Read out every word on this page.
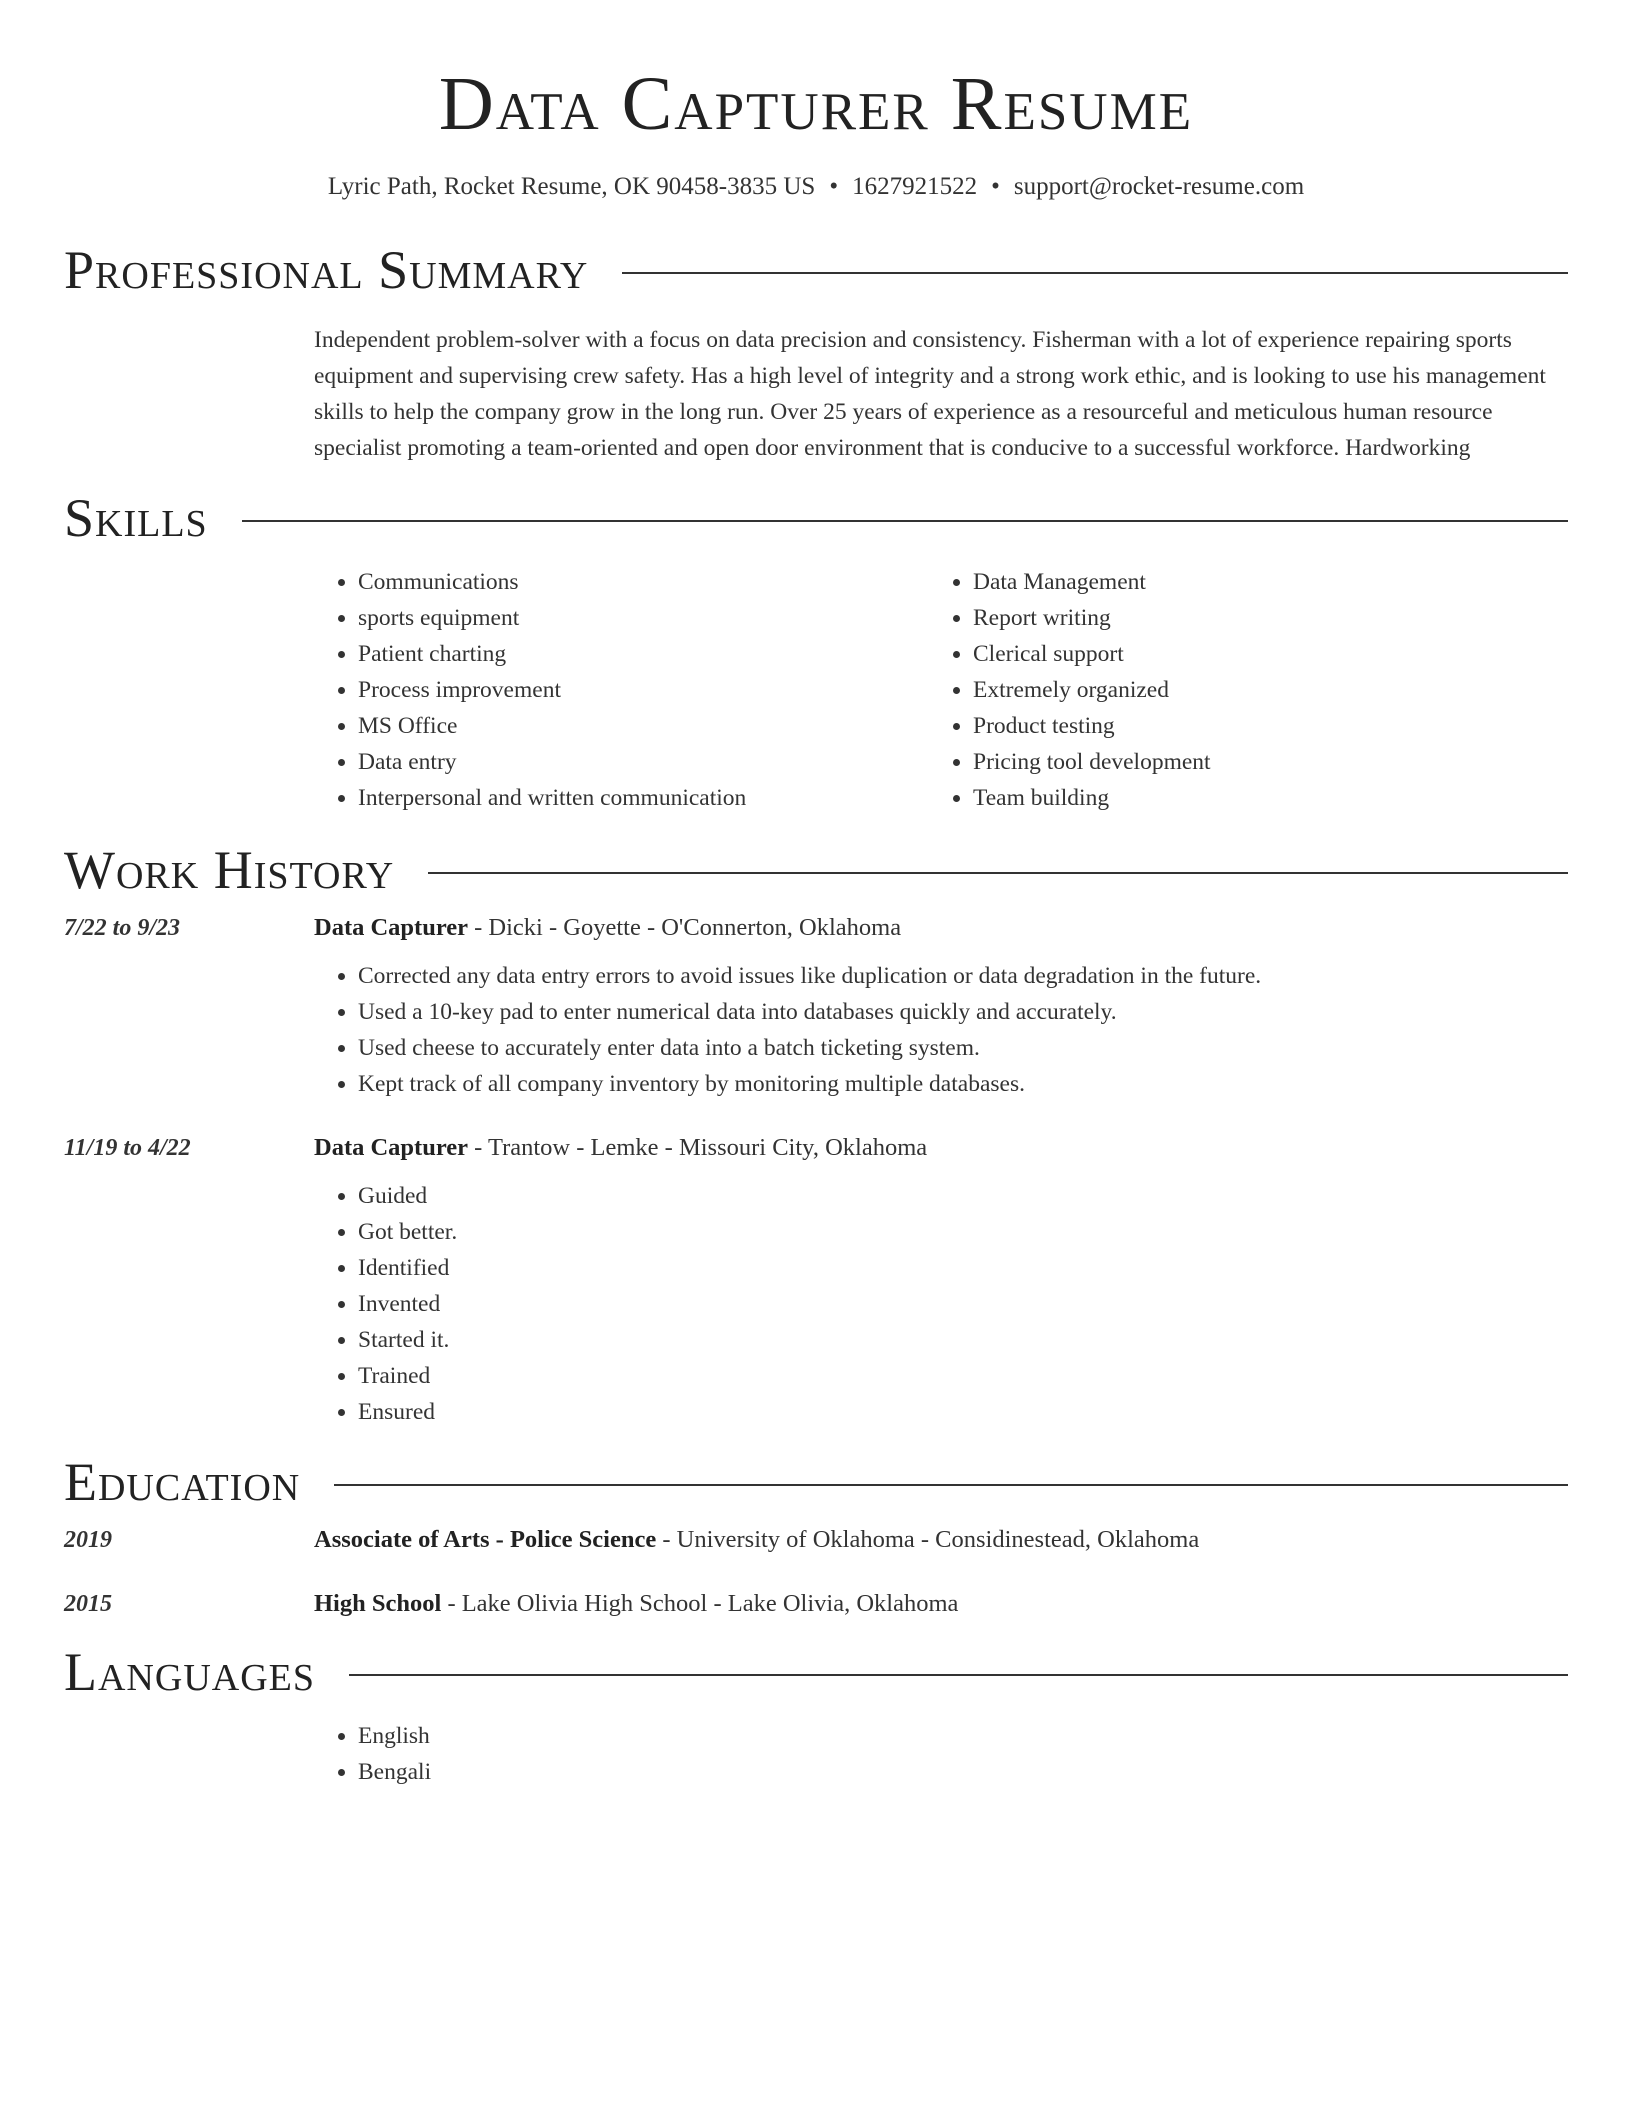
Data Capturer Resume
Lyric Path, Rocket Resume, OK 90458-3835 US • 1627921522 • support@rocket-resume.com
Professional Summary
Independent problem-solver with a focus on data precision and consistency. Fisherman with a lot of experience repairing sports equipment and supervising crew safety. Has a high level of integrity and a strong work ethic, and is looking to use his management skills to help the company grow in the long run. Over 25 years of experience as a resourceful and meticulous human resource specialist promoting a team-oriented and open door environment that is conducive to a successful workforce. Hardworking
Skills
• Communications
• sports equipment
• Patient charting
• Process improvement
• MS Office
• Data entry
• Interpersonal and written communication
• Data Management
• Report writing
• Clerical support
• Extremely organized
• Product testing
• Pricing tool development
• Team building
Work History
7/22 to 9/23	Data Capturer - Dicki - Goyette - O'Connerton, Oklahoma
• Corrected any data entry errors to avoid issues like duplication or data degradation in the future.
• Used a 10-key pad to enter numerical data into databases quickly and accurately.
• Used cheese to accurately enter data into a batch ticketing system.
• Kept track of all company inventory by monitoring multiple databases.
11/19 to 4/22	Data Capturer - Trantow - Lemke - Missouri City, Oklahoma
• Guided
• Got better.
• Identified
• Invented
• Started it.
• Trained
• Ensured
Education
2019	Associate of Arts - Police Science - University of Oklahoma - Considinestead, Oklahoma
2015	High School - Lake Olivia High School - Lake Olivia, Oklahoma
Languages
• English
• Bengali
